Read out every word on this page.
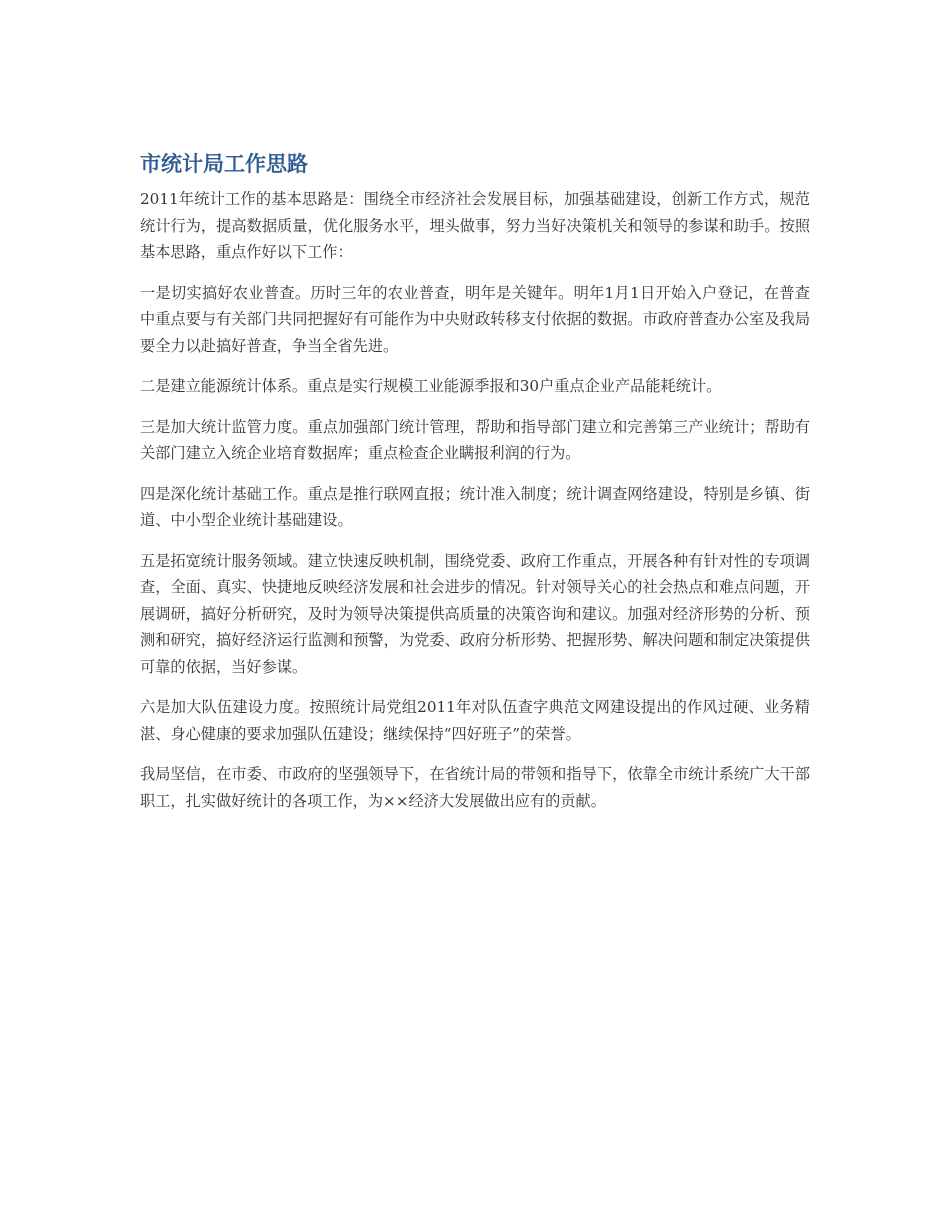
市统计局工作思路

2011年统计工作的基本思路是：围绕全市经济社会发展目标，加强基础建设，创新工作方式，规范统计行为，提高数据质量，优化服务水平，埋头做事，努力当好决策机关和领导的参谋和助手。按照基本思路，重点作好以下工作：

一是切实搞好农业普查。历时三年的农业普查，明年是关键年。明年1月1日开始入户登记，在普查中重点要与有关部门共同把握好有可能作为中央财政转移支付依据的数据。市政府普查办公室及我局要全力以赴搞好普查，争当全省先进。

二是建立能源统计体系。重点是实行规模工业能源季报和30户重点企业产品能耗统计。

三是加大统计监管力度。重点加强部门统计管理，帮助和指导部门建立和完善第三产业统计；帮助有关部门建立入统企业培育数据库；重点检查企业瞒报利润的行为。

四是深化统计基础工作。重点是推行联网直报；统计准入制度；统计调查网络建设，特别是乡镇、街道、中小型企业统计基础建设。

五是拓宽统计服务领域。建立快速反映机制，围绕党委、政府工作重点，开展各种有针对性的专项调查，全面、真实、快捷地反映经济发展和社会进步的情况。针对领导关心的社会热点和难点问题，开展调研，搞好分析研究，及时为领导决策提供高质量的决策咨询和建议。加强对经济形势的分析、预测和研究，搞好经济运行监测和预警，为党委、政府分析形势、把握形势、解决问题和制定决策提供可靠的依据，当好参谋。

六是加大队伍建设力度。按照统计局党组2011年对队伍查字典范文网建设提出的作风过硬、业务精湛、身心健康的要求加强队伍建设；继续保持“四好班子”的荣誉。

我局坚信，在市委、市政府的坚强领导下，在省统计局的带领和指导下，依靠全市统计系统广大干部职工，扎实做好统计的各项工作，为××经济大发展做出应有的贡献。
